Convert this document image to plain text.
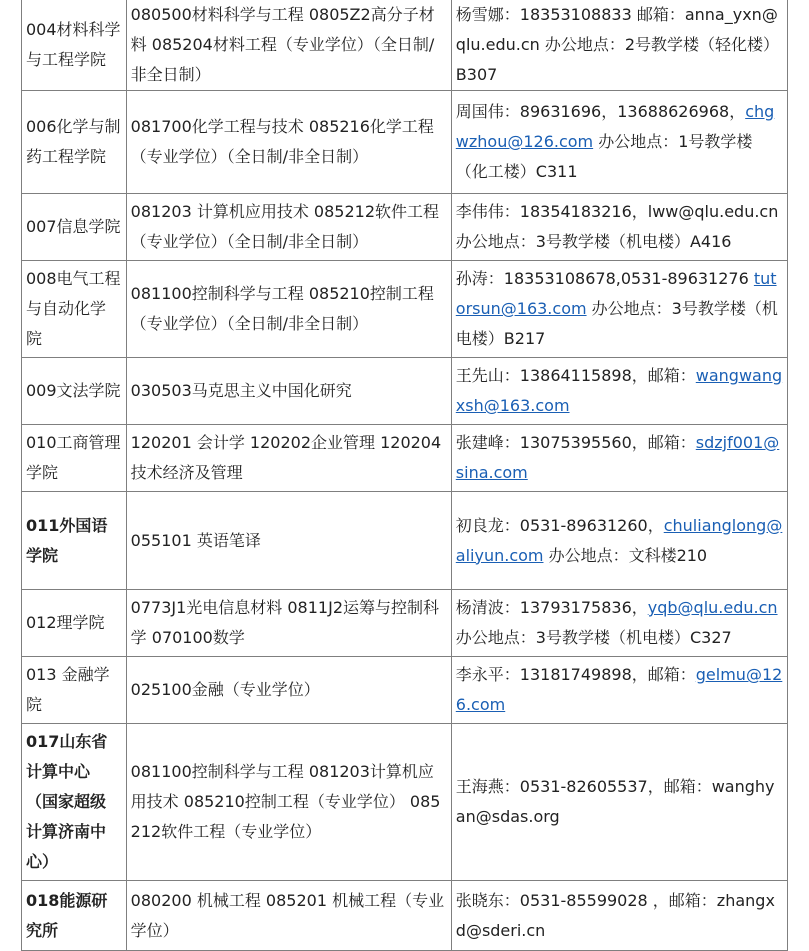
004材料科学与工程学院	080500材料科学与工程 0805Z2高分子材料 085204材料工程（专业学位）（全日制/非全日制）	杨雪娜：18353108833 邮箱：anna_yxn@qlu.edu.cn 办公地点：2号教学楼（轻化楼）B307
006化学与制药工程学院	081700化学工程与技术 085216化学工程（专业学位）（全日制/非全日制）	周国伟：89631696，13688626968，chgwzhou@126.com 办公地点：1号教学楼（化工楼）C311
007信息学院	081203 计算机应用技术 085212软件工程（专业学位）（全日制/非全日制）	李伟伟：18354183216，lww@qlu.edu.cn 办公地点：3号教学楼（机电楼）A416
008电气工程与自动化学院	081100控制科学与工程 085210控制工程（专业学位）（全日制/非全日制）	孙涛：18353108678,0531-89631276 tutorsun@163.com 办公地点：3号教学楼（机电楼）B217
009文法学院	030503马克思主义中国化研究	王先山：13864115898，邮箱：wangwangxsh@163.com
010工商管理学院	120201 会计学 120202企业管理 120204技术经济及管理	张建峰：13075395560，邮箱：sdzjf001@sina.com
011外国语学院	055101 英语笔译	初良龙：0531-89631260，chulianglong@aliyun.com 办公地点：文科楼210
012理学院	0773J1光电信息材料 0811J2运筹与控制科学 070100数学	杨清波：13793175836，yqb@qlu.edu.cn 办公地点：3号教学楼（机电楼）C327
013 金融学院	025100金融（专业学位）	李永平：13181749898，邮箱：gelmu@126.com
017山东省计算中心（国家超级计算济南中心）	081100控制科学与工程 081203计算机应用技术 085210控制工程（专业学位） 085212软件工程（专业学位）	王海燕：0531-82605537，邮箱：wanghyan@sdas.org
018能源研究所	080200 机械工程 085201 机械工程（专业学位）	张晓东：0531-85599028 ，邮箱：zhangxd@sderi.cn
